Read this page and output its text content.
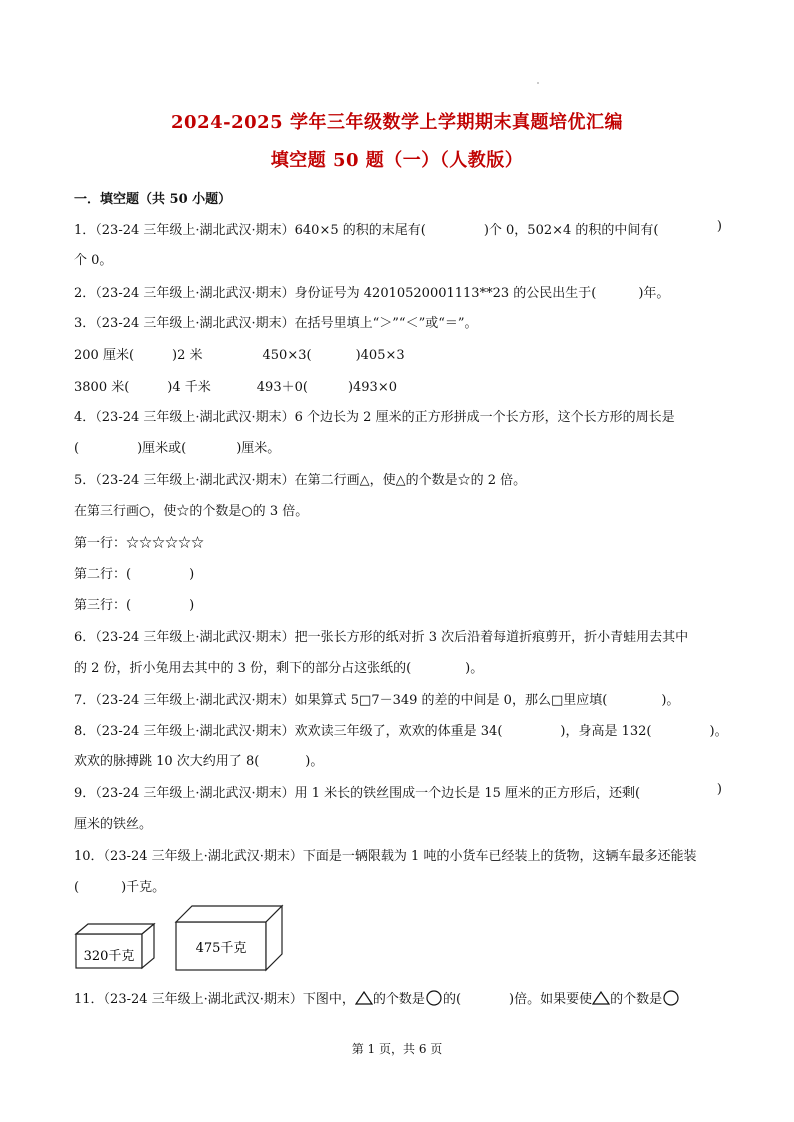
2024-2025 学年三年级数学上学期期末真题培优汇编
填空题 50 题（一）（人教版）
一．填空题（共 50 小题）
1．（23-24 三年级上·湖北武汉·期末）640×5 的积的末尾有(	)个 0，502×4 的积的中间有(	)
个 0。
2．（23-24 三年级上·湖北武汉·期末）身份证号为 42010520001113**23 的公民出生于(	)年。
3．（23-24 三年级上·湖北武汉·期末）在括号里填上“＞”“＜”或“＝”。
200 厘米(	)2 米	450×3(	)405×3
3800 米(	)4 千米	493＋0(	)493×0
4．（23-24 三年级上·湖北武汉·期末）6 个边长为 2 厘米的正方形拼成一个长方形，这个长方形的周长是
(	)厘米或(	)厘米。
5．（23-24 三年级上·湖北武汉·期末）在第二行画△，使△的个数是☆的 2 倍。
在第三行画○，使☆的个数是○的 3 倍。
第一行：☆☆☆☆☆☆
第二行：(	)
第三行：(	)
6．（23-24 三年级上·湖北武汉·期末）把一张长方形的纸对折 3 次后沿着每道折痕剪开，折小青蛙用去其中
的 2 份，折小兔用去其中的 3 份，剩下的部分占这张纸的(	)。
7．（23-24 三年级上·湖北武汉·期末）如果算式 5□7－349 的差的中间是 0，那么□里应填(	)。
8．（23-24 三年级上·湖北武汉·期末）欢欢读三年级了，欢欢的体重是 34(	)，身高是 132(	)。
欢欢的脉搏跳 10 次大约用了 8(	)。
9．（23-24 三年级上·湖北武汉·期末）用 1 米长的铁丝围成一个边长是 15 厘米的正方形后，还剩(	)
厘米的铁丝。
10．（23-24 三年级上·湖北武汉·期末）下面是一辆限载为 1 吨的小货车已经装上的货物，这辆车最多还能装
(	)千克。
320千克
475千克
11．（23-24 三年级上·湖北武汉·期末）下图中， 的个数是 的(	)倍。如果要使 的个数是
第 1 页，共 6 页
